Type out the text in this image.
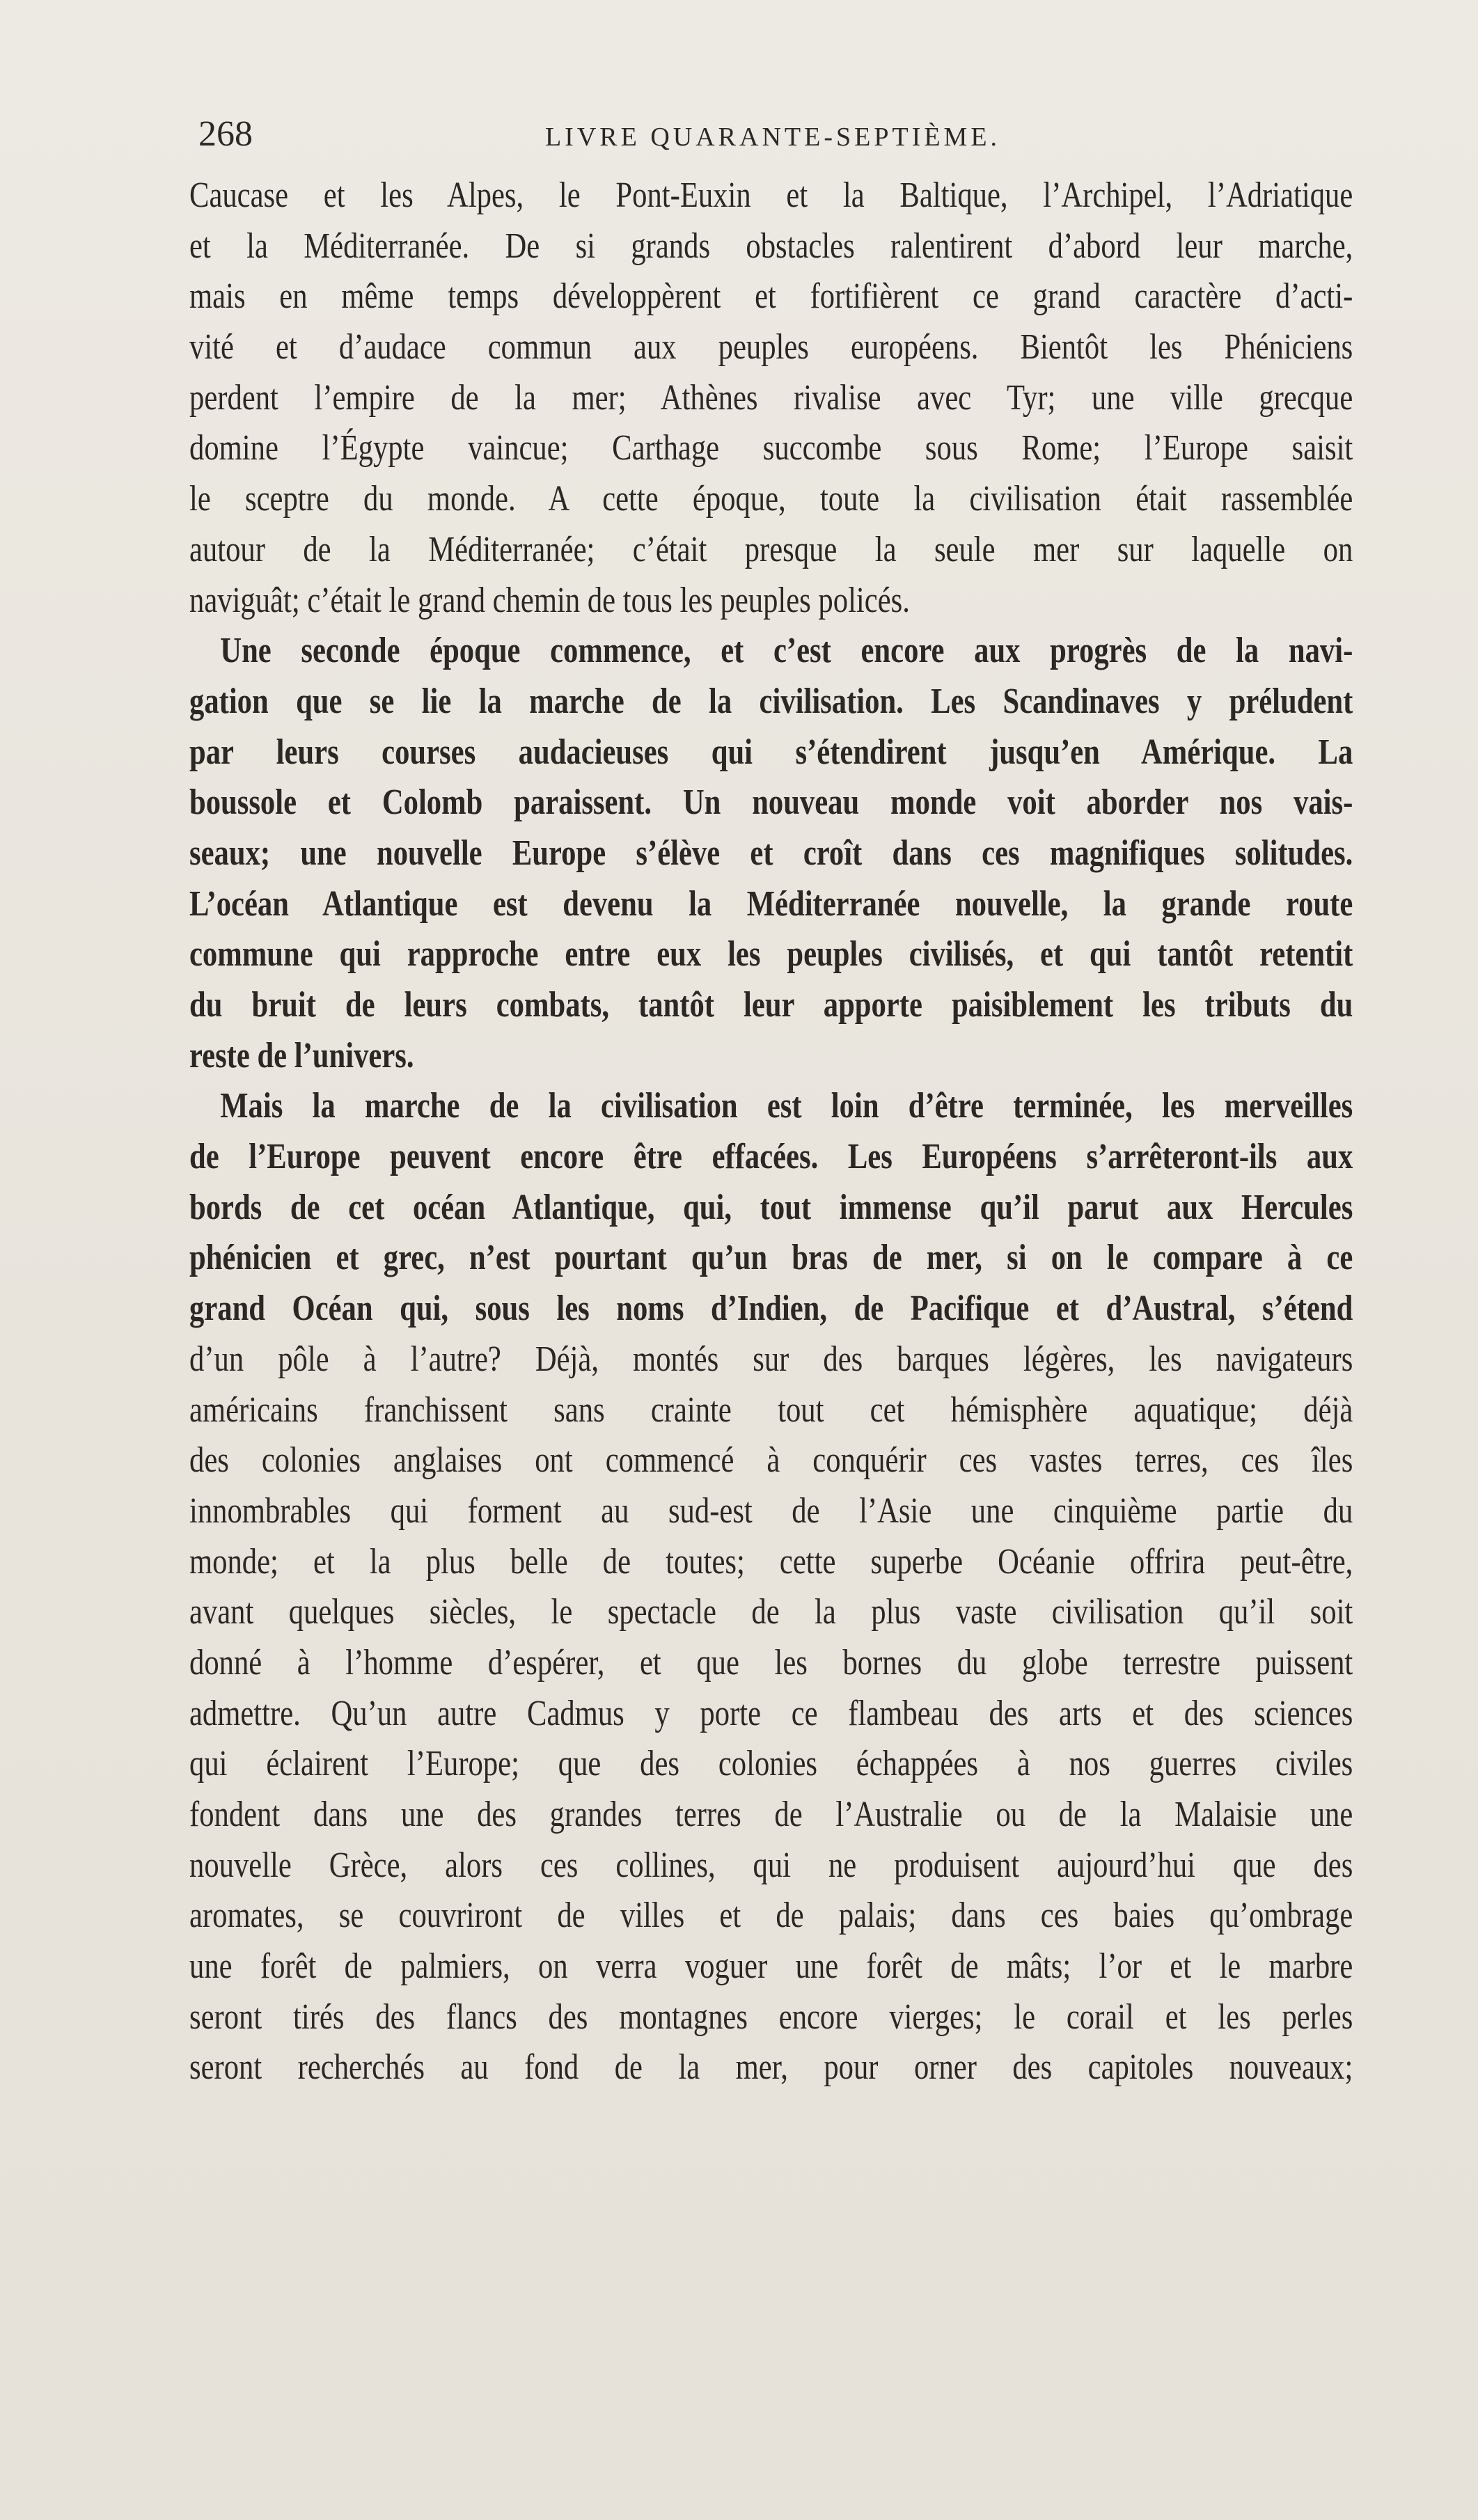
268	LIVRE QUARANTE-SEPTIÈME.
Caucase et les Alpes, le Pont-Euxin et la Baltique, l’Archipel, l’Adriatique
et la Méditerranée. De si grands obstacles ralentirent d’abord leur marche,
mais en même temps développèrent et fortifièrent ce grand caractère d’acti-
vité et d’audace commun aux peuples européens. Bientôt les Phéniciens
perdent l’empire de la mer; Athènes rivalise avec Tyr; une ville grecque
domine l’Égypte vaincue; Carthage succombe sous Rome; l’Europe saisit
le sceptre du monde. A cette époque, toute la civilisation était rassemblée
autour de la Méditerranée; c’était presque la seule mer sur laquelle on
naviguât; c’était le grand chemin de tous les peuples policés.
Une seconde époque commence, et c’est encore aux progrès de la navi-
gation que se lie la marche de la civilisation. Les Scandinaves y préludent
par leurs courses audacieuses qui s’étendirent jusqu’en Amérique. La
boussole et Colomb paraissent. Un nouveau monde voit aborder nos vais-
seaux; une nouvelle Europe s’élève et croît dans ces magnifiques solitudes.
L’océan Atlantique est devenu la Méditerranée nouvelle, la grande route
commune qui rapproche entre eux les peuples civilisés, et qui tantôt retentit
du bruit de leurs combats, tantôt leur apporte paisiblement les tributs du
reste de l’univers.
Mais la marche de la civilisation est loin d’être terminée, les merveilles
de l’Europe peuvent encore être effacées. Les Européens s’arrêteront-ils aux
bords de cet océan Atlantique, qui, tout immense qu’il parut aux Hercules
phénicien et grec, n’est pourtant qu’un bras de mer, si on le compare à ce
grand Océan qui, sous les noms d’Indien, de Pacifique et d’Austral, s’étend
d’un pôle à l’autre? Déjà, montés sur des barques légères, les navigateurs
américains franchissent sans crainte tout cet hémisphère aquatique; déjà
des colonies anglaises ont commencé à conquérir ces vastes terres, ces îles
innombrables qui forment au sud-est de l’Asie une cinquième partie du
monde; et la plus belle de toutes; cette superbe Océanie offrira peut-être,
avant quelques siècles, le spectacle de la plus vaste civilisation qu’il soit
donné à l’homme d’espérer, et que les bornes du globe terrestre puissent
admettre. Qu’un autre Cadmus y porte ce flambeau des arts et des sciences
qui éclairent l’Europe; que des colonies échappées à nos guerres civiles
fondent dans une des grandes terres de l’Australie ou de la Malaisie une
nouvelle Grèce, alors ces collines, qui ne produisent aujourd’hui que des
aromates, se couvriront de villes et de palais; dans ces baies qu’ombrage
une forêt de palmiers, on verra voguer une forêt de mâts; l’or et le marbre
seront tirés des flancs des montagnes encore vierges; le corail et les perles
seront recherchés au fond de la mer, pour orner des capitoles nouveaux;
